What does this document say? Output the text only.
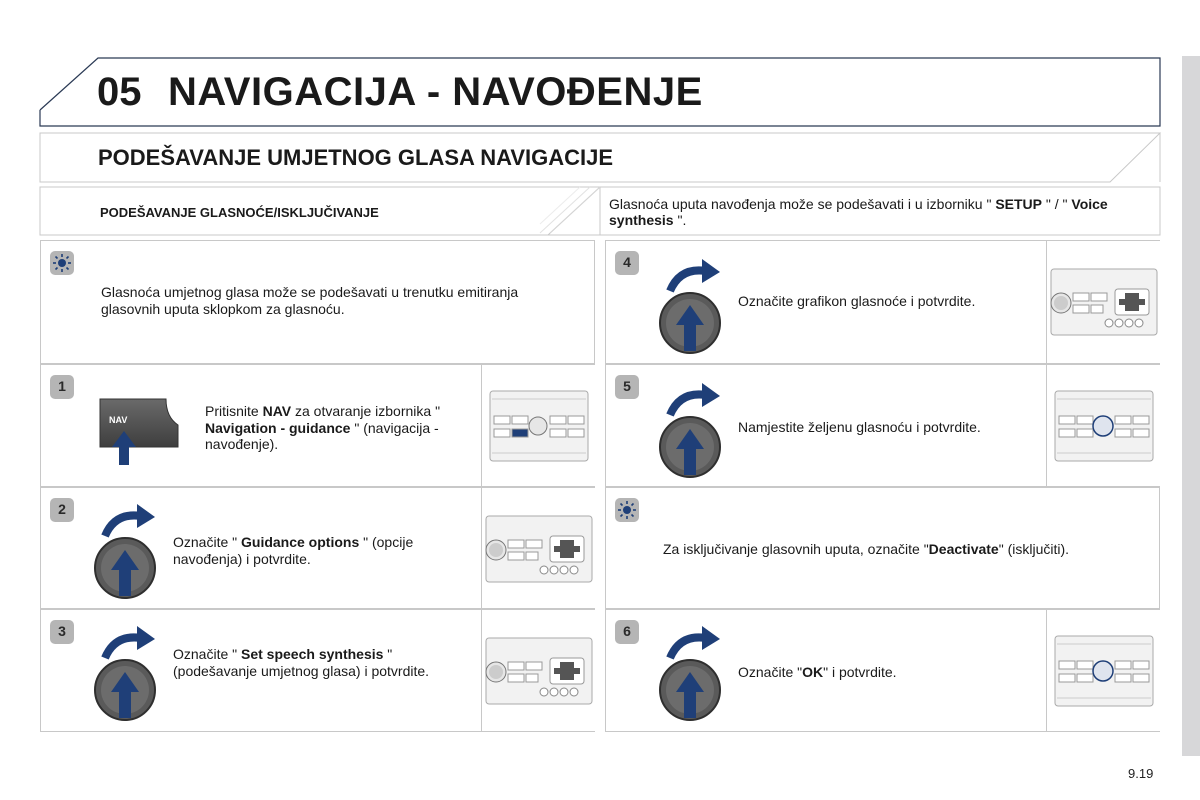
05 NAVIGACIJA - NAVOĐENJE
PODEŠAVANJE UMJETNOG GLASA NAVIGACIJE
PODEŠAVANJE GLASNOĆE/ISKLJUČIVANJE
Glasnoća uputa navođenja može se podešavati i u izborniku " SETUP " / " Voice synthesis ".
Glasnoća umjetnog glasa može se podešavati u trenutku emitiranja glasovnih uputa sklopkom za glasnoću.
1
NAV
Pritisnite NAV za otvaranje izbornika " Navigation - guidance " (navigacija - navođenje).
2
Označite " Guidance options " (opcije navođenja) i potvrdite.
3
Označite " Set speech synthesis " (podešavanje umjetnog glasa) i potvrdite.
4
Označite grafikon glasnoće i potvrdite.
5
Namjestite željenu glasnoću i potvrdite.
Za isključivanje glasovnih uputa, označite "Deactivate" (isključiti).
6
Označite "OK" i potvrdite.
9.19
